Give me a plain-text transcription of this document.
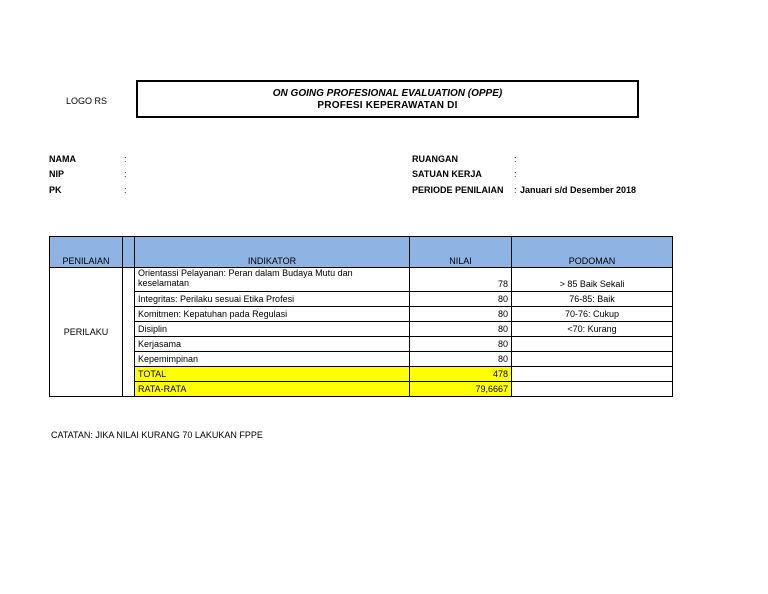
LOGO RS
ON GOING PROFESIONAL EVALUATION (OPPE)
PROFESI KEPERAWATAN DI
NAMA	:
NIP	:
PK	:
RUANGAN	:
SATUAN KERJA	:
PERIODE PENILAIAN : Januari s/d Desember 2018
PENILAIAN		INDIKATOR	NILAI	PODOMAN
PERILAKU		Orientassi Pelayanan: Peran dalam Budaya Mutu dan keselamatan	78	> 85 Baik Sekali
		Integritas: Perilaku sesuai Etika Profesi	80	76-85: Baik
		Komitmen: Kepatuhan pada Regulasi	80	70-76: Cukup
		Disiplin	80	<70: Kurang
		Kerjasama	80	
		Kepemimpinan	80	
		TOTAL	478	
		RATA-RATA	79,6667	
CATATAN: JIKA NILAI KURANG 70 LAKUKAN FPPE
